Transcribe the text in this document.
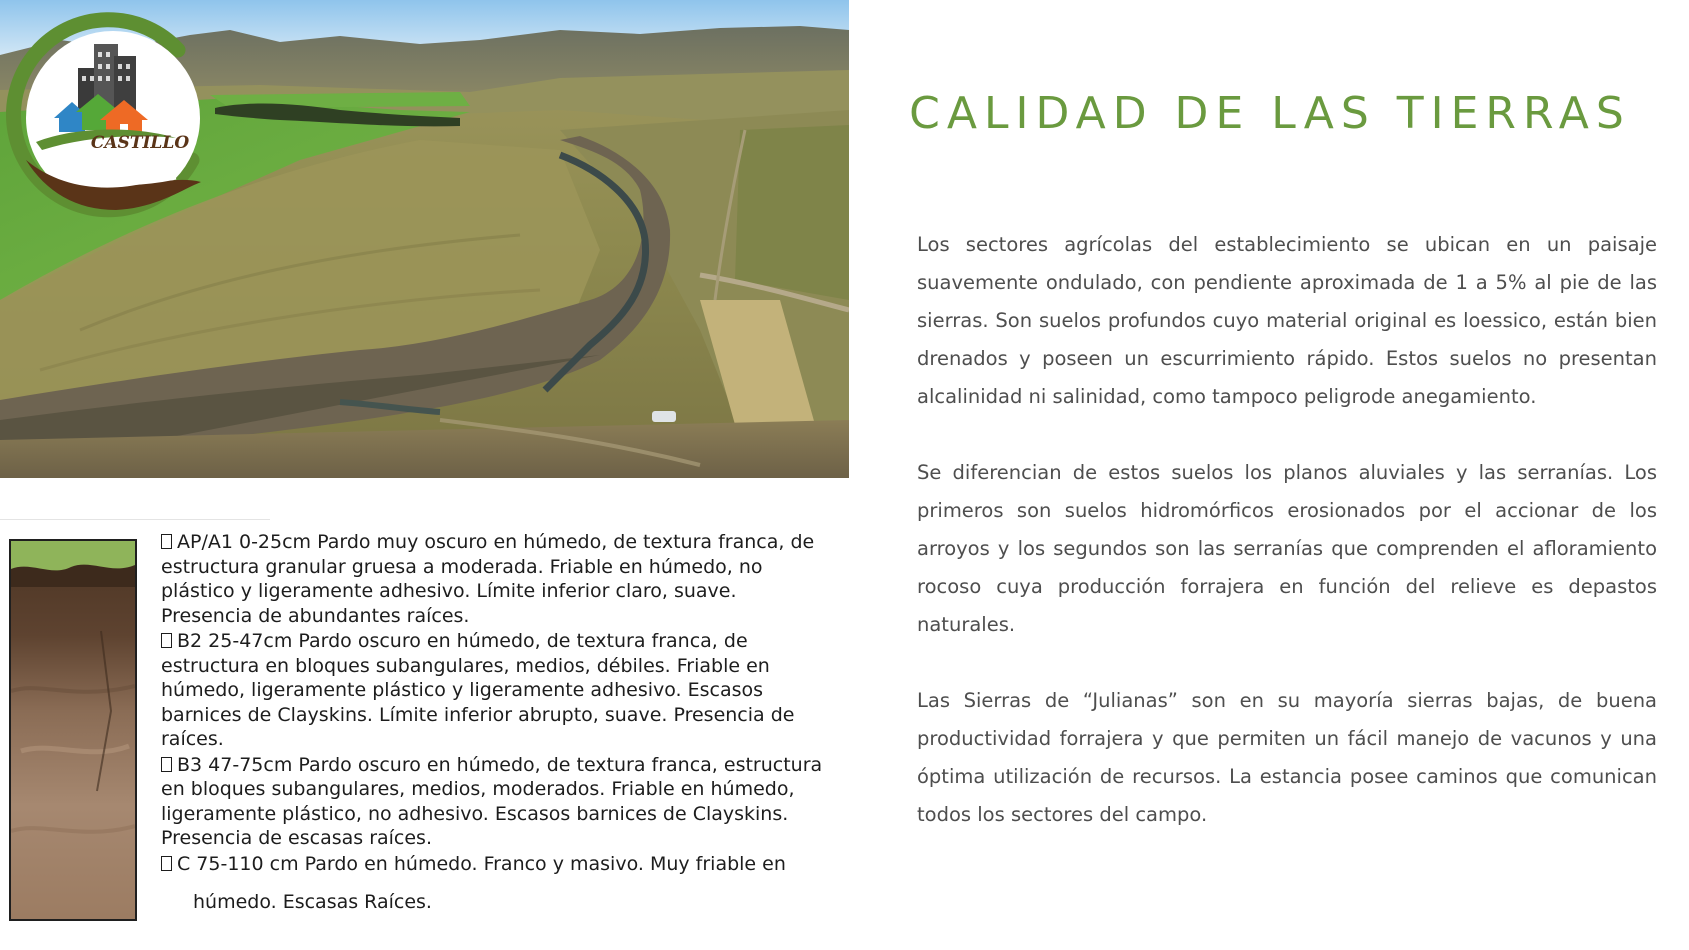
CASTILLO
CALIDAD DE LAS TIERRAS

Los sectores agrícolas del establecimiento se ubican en un paisaje suavemente ondulado, con pendiente aproximada de 1 a 5% al pie de las sierras. Son suelos profundos cuyo material original es loessico, están bien drenados y poseen un escurrimiento rápido. Estos suelos no presentan alcalinidad ni salinidad, como tampoco peligrode anegamiento.

Se diferencian de estos suelos los planos aluviales y las serranías. Los primeros son suelos hidromórficos erosionados por el accionar de los arroyos y los segundos son las serranías que comprenden el afloramiento rocoso cuya producción forrajera en función del relieve es depastos naturales.

Las Sierras de “Julianas” son en su mayoría sierras bajas, de buena productividad forrajera y que permiten un fácil manejo de vacunos y una óptima utilización de recursos. La estancia posee caminos que comunican todos los sectores del campo.

AP/A1 0-25cm Pardo muy oscuro en húmedo, de textura franca, de estructura granular gruesa a moderada. Friable en húmedo, no plástico y ligeramente adhesivo. Límite inferior claro, suave. Presencia de abundantes raíces.
B2 25-47cm Pardo oscuro en húmedo, de textura franca, de estructura en bloques subangulares, medios, débiles. Friable en húmedo, ligeramente plástico y ligeramente adhesivo. Escasos barnices de Clayskins. Límite inferior abrupto, suave. Presencia de raíces.
B3 47-75cm Pardo oscuro en húmedo, de textura franca, estructura en bloques subangulares, medios, moderados. Friable en húmedo, ligeramente plástico, no adhesivo. Escasos barnices de Clayskins. Presencia de escasas raíces.
C 75-110 cm Pardo en húmedo. Franco y masivo. Muy friable en
húmedo. Escasas Raíces.
